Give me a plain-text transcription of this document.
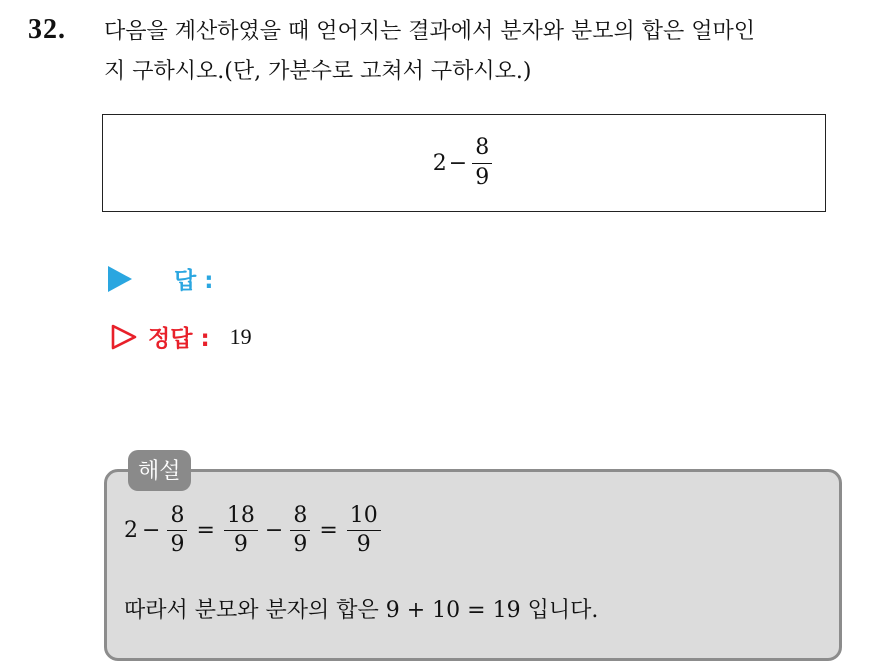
32. 다음을 계산하였을 때 얻어지는 결과에서 분자와 분모의 합은 얼마인
지 구하시오.(단, 가분수로 고쳐서 구하시오.)
$2 - \frac{8}{9}$
답 :
정답 : 19
해설
$2 - \frac{8}{9} = \frac{18}{9} - \frac{8}{9} = \frac{10}{9}$
따라서 분모와 분자의 합은 9 + 10 = 19 입니다.
